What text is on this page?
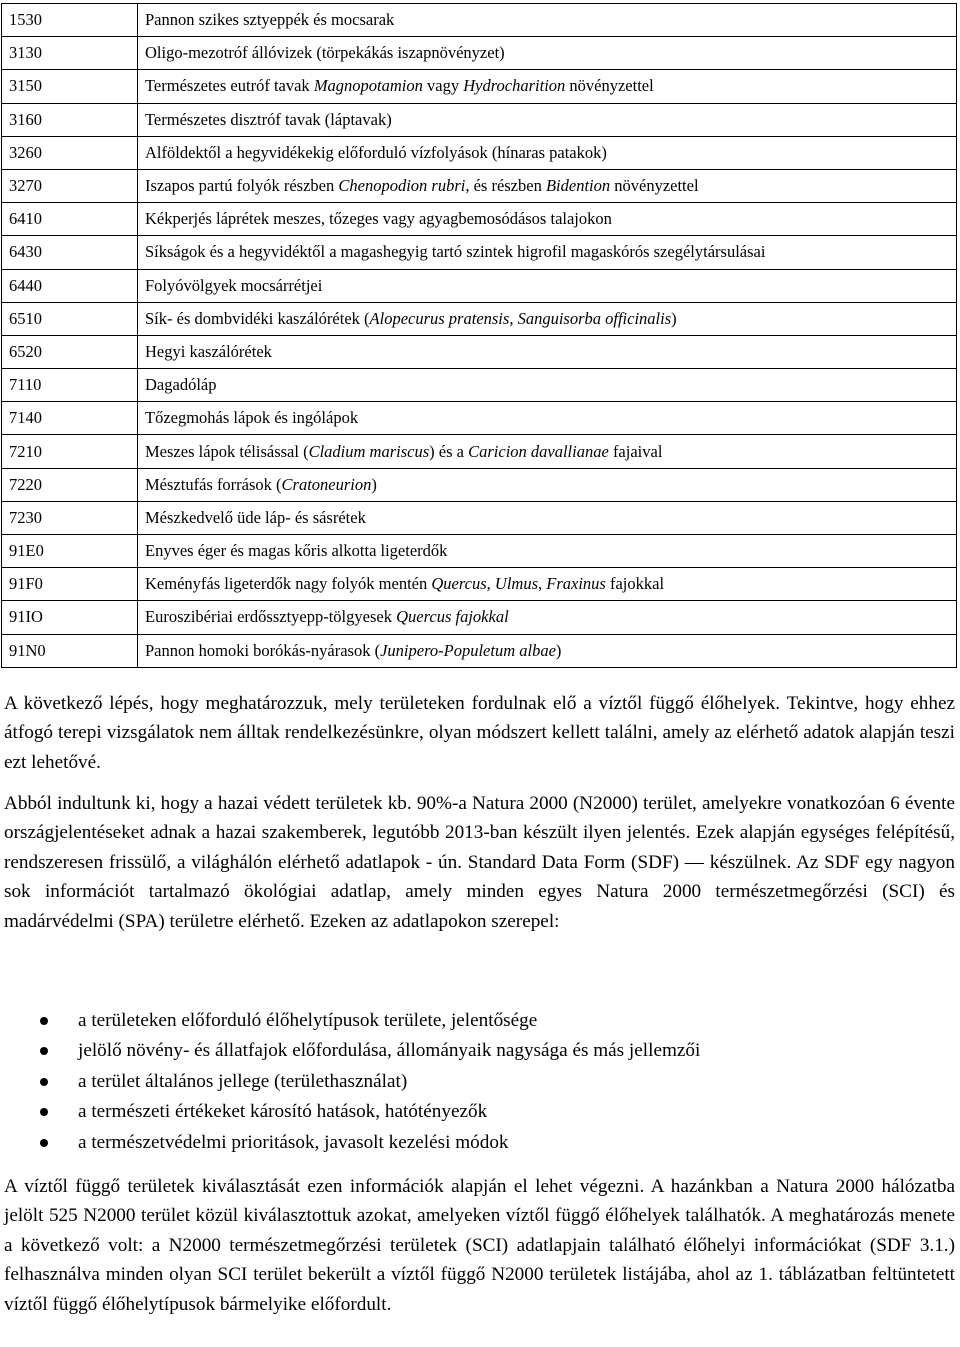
1530	Pannon szikes sztyeppék és mocsarak
3130	Oligo-mezotróf állóvizek (törpekákás iszapnövényzet)
3150	Természetes eutróf tavak Magnopotamion vagy Hydrocharition növényzettel
3160	Természetes disztróf tavak (láptavak)
3260	Alföldektől a hegyvidékekig előforduló vízfolyások (hínaras patakok)
3270	Iszapos partú folyók részben Chenopodion rubri, és részben Bidention növényzettel
6410	Kékperjés láprétek meszes, tőzeges vagy agyagbemosódásos talajokon
6430	Síkságok és a hegyvidéktől a magashegyig tartó szintek higrofil magaskórós szegélytársulásai
6440	Folyóvölgyek mocsárrétjei
6510	Sík- és dombvidéki kaszálórétek (Alopecurus pratensis, Sanguisorba officinalis)
6520	Hegyi kaszálórétek
7110	Dagadóláp
7140	Tőzegmohás lápok és ingólápok
7210	Meszes lápok télisással (Cladium mariscus) és a Caricion davallianae fajaival
7220	Mésztufás források (Cratoneurion)
7230	Mészkedvelő üde láp- és sásrétek
91E0	Enyves éger és magas kőris alkotta ligeterdők
91F0	Keményfás ligeterdők nagy folyók mentén Quercus, Ulmus, Fraxinus fajokkal
91IO	Euroszibériai erdőssztyepp-tölgyesek Quercus fajokkal
91N0	Pannon homoki borókás-nyárasok (Junipero-Populetum albae)

A következő lépés, hogy meghatározzuk, mely területeken fordulnak elő a víztől függő élőhelyek. Tekintve, hogy ehhez átfogó terepi vizsgálatok nem álltak rendelkezésünkre, olyan módszert kellett találni, amely az elérhető adatok alapján teszi ezt lehetővé.

Abból indultunk ki, hogy a hazai védett területek kb. 90%-a Natura 2000 (N2000) terület, amelyekre vonatkozóan 6 évente országjelentéseket adnak a hazai szakemberek, legutóbb 2013-ban készült ilyen jelentés. Ezek alapján egységes felépítésű, rendszeresen frissülő, a világhálón elérhető adatlapok - ún. Standard Data Form (SDF) — készülnek. Az SDF egy nagyon sok információt tartalmazó ökológiai adatlap, amely minden egyes Natura 2000 természetmegőrzési (SCI) és madárvédelmi (SPA) területre elérhető. Ezeken az adatlapokon szerepel:

a területeken előforduló élőhelytípusok területe, jelentősége
jelölő növény- és állatfajok előfordulása, állományaik nagysága és más jellemzői
a terület általános jellege (területhasználat)
a természeti értékeket károsító hatások, hatótényezők
a természetvédelmi prioritások, javasolt kezelési módok

A víztől függő területek kiválasztását ezen információk alapján el lehet végezni. A hazánkban a Natura 2000 hálózatba jelölt 525 N2000 terület közül kiválasztottuk azokat, amelyeken víztől függő élőhelyek találhatók. A meghatározás menete a következő volt: a N2000 természetmegőrzési területek (SCI) adatlapjain található élőhelyi információkat (SDF 3.1.) felhasználva minden olyan SCI terület bekerült a víztől függő N2000 területek listájába, ahol az 1. táblázatban feltüntetett víztől függő élőhelytípusok bármelyike előfordult.
